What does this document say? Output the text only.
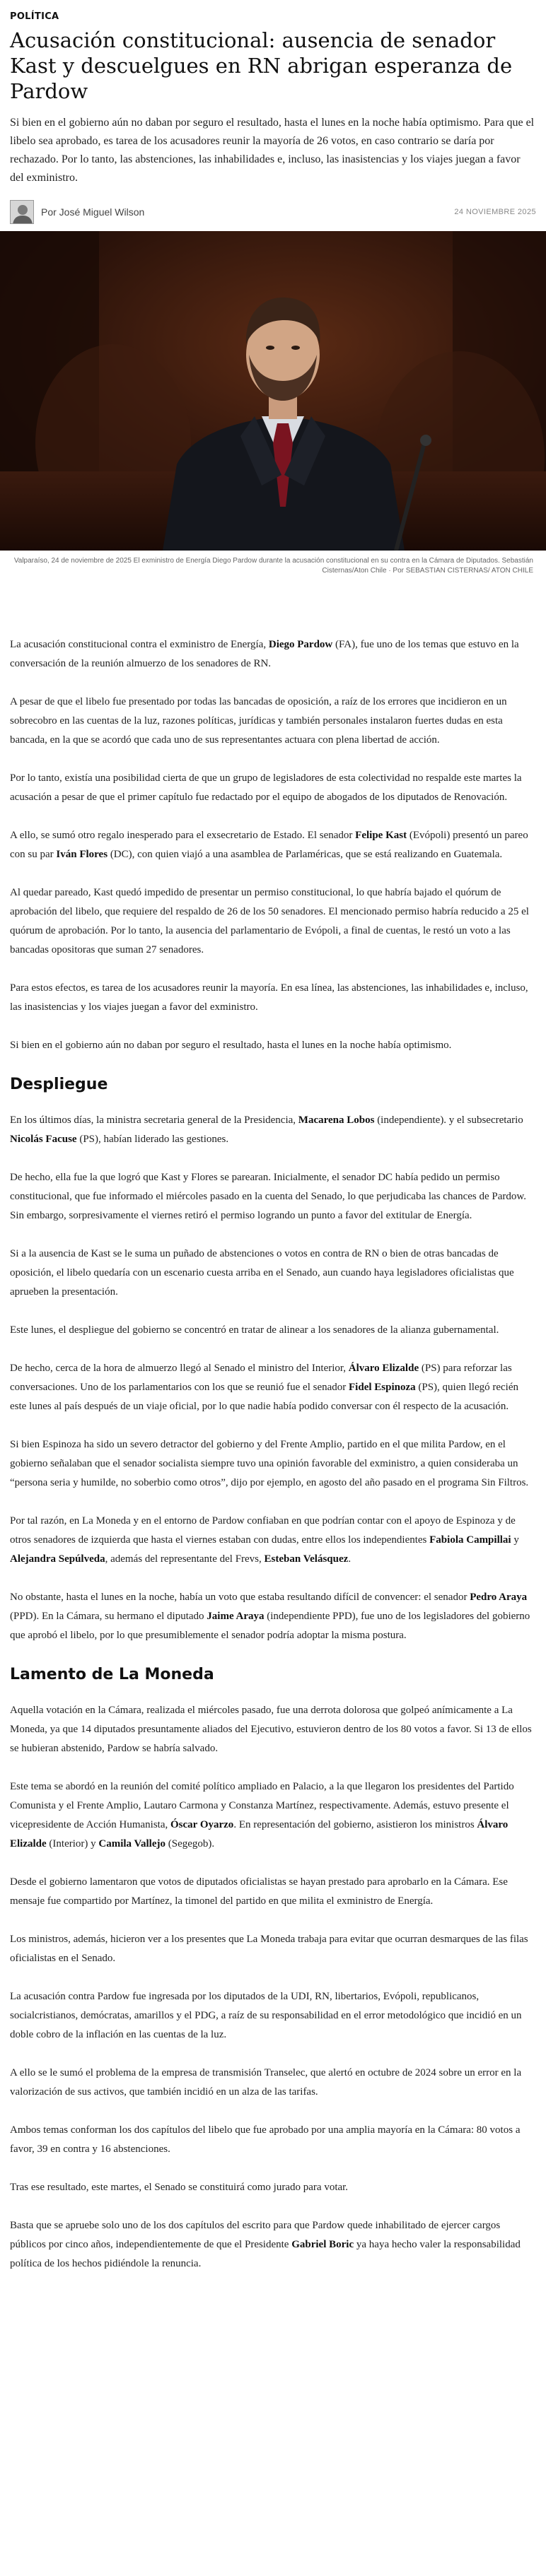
POLÍTICA
Acusación constitucional: ausencia de senador Kast y descuelgues en RN abrigan esperanza de Pardow

Si bien en el gobierno aún no daban por seguro el resultado, hasta el lunes en la noche había optimismo. Para que el libelo sea aprobado, es tarea de los acusadores reunir la mayoría de 26 votos, en caso contrario se daría por rechazado. Por lo tanto, las abstenciones, las inhabilidades e, incluso, las inasistencias y los viajes juegan a favor del exministro.

Por José Miguel Wilson	24 NOVIEMBRE 2025

Valparaíso, 24 de noviembre de 2025 El exministro de Energía Diego Pardow durante la acusación constitucional en su contra en la Cámara de Diputados. Sebastián Cisternas/Aton Chile · Por SEBASTIAN CISTERNAS/ ATON CHILE

La acusación constitucional contra el exministro de Energía, Diego Pardow (FA), fue uno de los temas que estuvo en la conversación de la reunión almuerzo de los senadores de RN.

A pesar de que el libelo fue presentado por todas las bancadas de oposición, a raíz de los errores que incidieron en un sobrecobro en las cuentas de la luz, razones políticas, jurídicas y también personales instalaron fuertes dudas en esta bancada, en la que se acordó que cada uno de sus representantes actuara con plena libertad de acción.

Por lo tanto, existía una posibilidad cierta de que un grupo de legisladores de esta colectividad no respalde este martes la acusación a pesar de que el primer capítulo fue redactado por el equipo de abogados de los diputados de Renovación.

A ello, se sumó otro regalo inesperado para el exsecretario de Estado. El senador Felipe Kast (Evópoli) presentó un pareo con su par Iván Flores (DC), con quien viajó a una asamblea de Parlaméricas, que se está realizando en Guatemala.

Al quedar pareado, Kast quedó impedido de presentar un permiso constitucional, lo que habría bajado el quórum de aprobación del libelo, que requiere del respaldo de 26 de los 50 senadores. El mencionado permiso habría reducido a 25 el quórum de aprobación. Por lo tanto, la ausencia del parlamentario de Evópoli, a final de cuentas, le restó un voto a las bancadas opositoras que suman 27 senadores.

Para estos efectos, es tarea de los acusadores reunir la mayoría. En esa línea, las abstenciones, las inhabilidades e, incluso, las inasistencias y los viajes juegan a favor del exministro.

Si bien en el gobierno aún no daban por seguro el resultado, hasta el lunes en la noche había optimismo.

Despliegue

En los últimos días, la ministra secretaria general de la Presidencia, Macarena Lobos (independiente). y el subsecretario Nicolás Facuse (PS), habían liderado las gestiones.

De hecho, ella fue la que logró que Kast y Flores se parearan. Inicialmente, el senador DC había pedido un permiso constitucional, que fue informado el miércoles pasado en la cuenta del Senado, lo que perjudicaba las chances de Pardow. Sin embargo, sorpresivamente el viernes retiró el permiso logrando un punto a favor del extitular de Energía.

Si a la ausencia de Kast se le suma un puñado de abstenciones o votos en contra de RN o bien de otras bancadas de oposición, el libelo quedaría con un escenario cuesta arriba en el Senado, aun cuando haya legisladores oficialistas que aprueben la presentación.

Este lunes, el despliegue del gobierno se concentró en tratar de alinear a los senadores de la alianza gubernamental.

De hecho, cerca de la hora de almuerzo llegó al Senado el ministro del Interior, Álvaro Elizalde (PS) para reforzar las conversaciones. Uno de los parlamentarios con los que se reunió fue el senador Fidel Espinoza (PS), quien llegó recién este lunes al país después de un viaje oficial, por lo que nadie había podido conversar con él respecto de la acusación.

Si bien Espinoza ha sido un severo detractor del gobierno y del Frente Amplio, partido en el que milita Pardow, en el gobierno señalaban que el senador socialista siempre tuvo una opinión favorable del exministro, a quien consideraba un “persona seria y humilde, no soberbio como otros”, dijo por ejemplo, en agosto del año pasado en el programa Sin Filtros.

Por tal razón, en La Moneda y en el entorno de Pardow confiaban en que podrían contar con el apoyo de Espinoza y de otros senadores de izquierda que hasta el viernes estaban con dudas, entre ellos los independientes Fabiola Campillai y Alejandra Sepúlveda, además del representante del Frevs, Esteban Velásquez.

No obstante, hasta el lunes en la noche, había un voto que estaba resultando difícil de convencer: el senador Pedro Araya (PPD). En la Cámara, su hermano el diputado Jaime Araya (independiente PPD), fue uno de los legisladores del gobierno que aprobó el libelo, por lo que presumiblemente el senador podría adoptar la misma postura.

Lamento de La Moneda

Aquella votación en la Cámara, realizada el miércoles pasado, fue una derrota dolorosa que golpeó anímicamente a La Moneda, ya que 14 diputados presuntamente aliados del Ejecutivo, estuvieron dentro de los 80 votos a favor. Si 13 de ellos se hubieran abstenido, Pardow se habría salvado.

Este tema se abordó en la reunión del comité político ampliado en Palacio, a la que llegaron los presidentes del Partido Comunista y el Frente Amplio, Lautaro Carmona y Constanza Martínez, respectivamente. Además, estuvo presente el vicepresidente de Acción Humanista, Óscar Oyarzo. En representación del gobierno, asistieron los ministros Álvaro Elizalde (Interior) y Camila Vallejo (Segegob).

Desde el gobierno lamentaron que votos de diputados oficialistas se hayan prestado para aprobarlo en la Cámara. Ese mensaje fue compartido por Martínez, la timonel del partido en que milita el exministro de Energía.

Los ministros, además, hicieron ver a los presentes que La Moneda trabaja para evitar que ocurran desmarques de las filas oficialistas en el Senado.

La acusación contra Pardow fue ingresada por los diputados de la UDI, RN, libertarios, Evópoli, republicanos, socialcristianos, demócratas, amarillos y el PDG, a raíz de su responsabilidad en el error metodológico que incidió en un doble cobro de la inflación en las cuentas de la luz.

A ello se le sumó el problema de la empresa de transmisión Transelec, que alertó en octubre de 2024 sobre un error en la valorización de sus activos, que también incidió en un alza de las tarifas.

Ambos temas conforman los dos capítulos del libelo que fue aprobado por una amplia mayoría en la Cámara: 80 votos a favor, 39 en contra y 16 abstenciones.

Tras ese resultado, este martes, el Senado se constituirá como jurado para votar.

Basta que se apruebe solo uno de los dos capítulos del escrito para que Pardow quede inhabilitado de ejercer cargos públicos por cinco años, independientemente de que el Presidente Gabriel Boric ya haya hecho valer la responsabilidad política de los hechos pidiéndole la renuncia.
